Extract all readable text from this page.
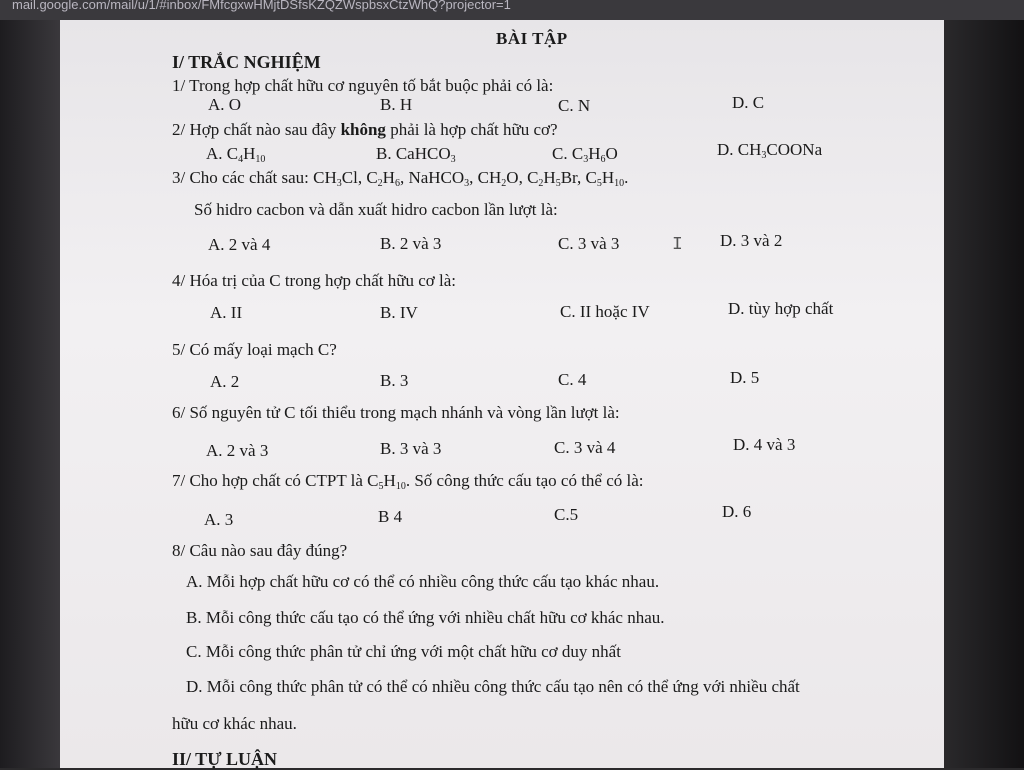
mail.google.com/mail/u/1/#inbox/FMfcgxwHMjtDSfsKZQZWspbsxCtzWhQ?projector=1
BÀI TẬP
I/ TRẮC NGHIỆM
1/ Trong hợp chất hữu cơ nguyên tố bắt buộc phải có là:
A. O	B. H	C. N	D. C
2/ Hợp chất nào sau đây không phải là hợp chất hữu cơ?
A. $C_4H_{10}$	B. CaHCO$_3$	C. $C_3H_6O$	D. $CH_3COONa$
3/ Cho các chất sau: $CH_3Cl$, $C_2H_6$, NaHCO$_3$, $CH_2O$, $C_2H_5Br$, $C_5H_{10}$.
Số hidro cacbon và dẫn xuất hidro cacbon lần lượt là:
A. 2 và 4	B. 2 và 3	C. 3 và 3	D. 3 và 2
I
4/ Hóa trị của C trong hợp chất hữu cơ là:
A. II	B. IV	C. II hoặc IV	D. tùy hợp chất
5/ Có mấy loại mạch C?
A. 2	B. 3	C. 4	D. 5
6/ Số nguyên tử C tối thiểu trong mạch nhánh và vòng lần lượt là:
A. 2 và 3	B. 3 và 3	C. 3 và 4	D. 4 và 3
7/ Cho hợp chất có CTPT là $C_5H_{10}$. Số công thức cấu tạo có thể có là:
A. 3	B 4	C.5	D. 6
8/ Câu nào sau đây đúng?
A. Mỗi hợp chất hữu cơ có thể có nhiều công thức cấu tạo khác nhau.
B. Mỗi công thức cấu tạo có thể ứng với nhiều chất hữu cơ khác nhau.
C. Mỗi công thức phân tử chỉ ứng với một chất hữu cơ duy nhất
D. Mỗi công thức phân tử có thể có nhiều công thức cấu tạo nên có thể ứng với nhiều chất
hữu cơ khác nhau.
II/ TỰ LUẬN
